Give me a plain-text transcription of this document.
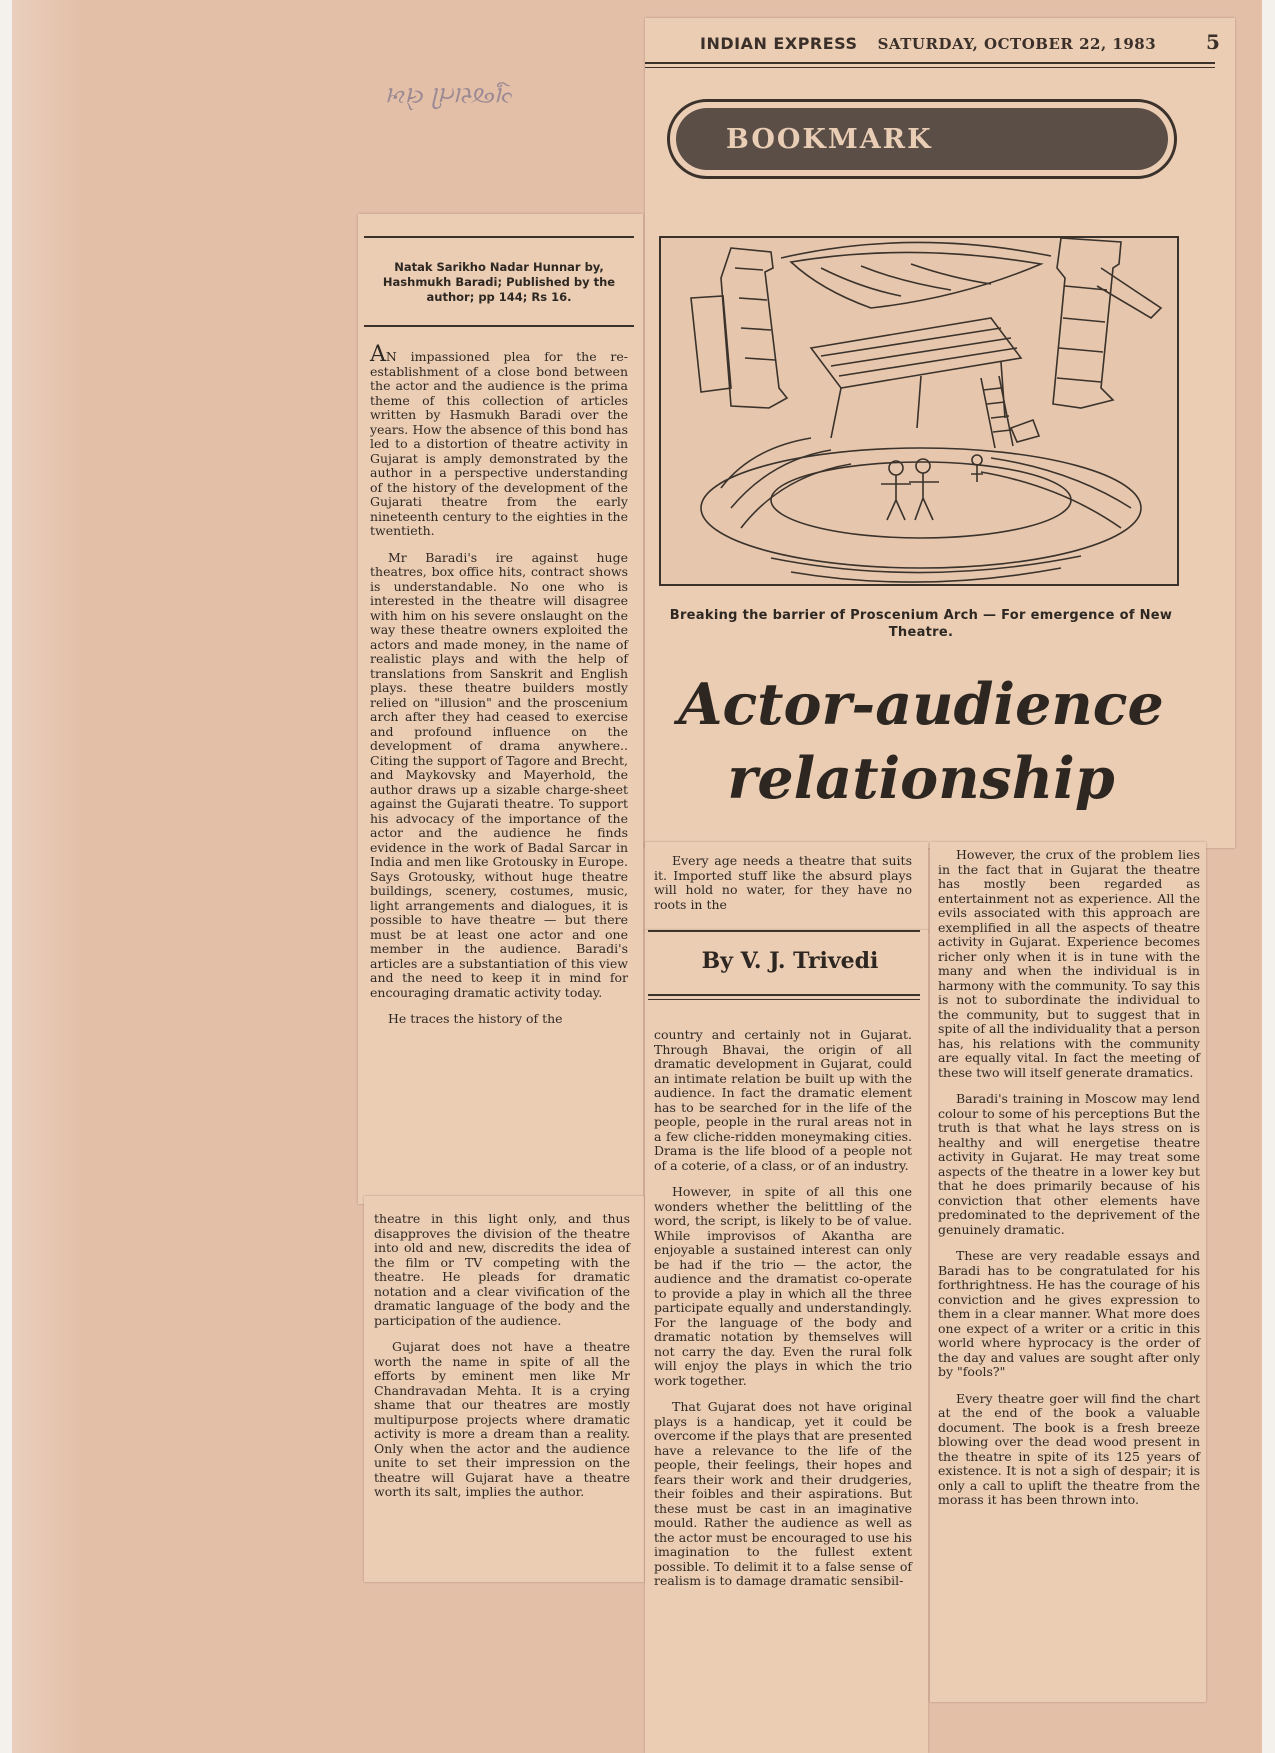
ગુજરાતી લેખ
INDIAN EXPRESS SATURDAY, OCTOBER 22, 1983 5
BOOKMARK
Breaking the barrier of Proscenium Arch — For emergence of New Theatre.
Actor-audience
relationship
Natak Sarikho Nadar Hunnar by, Hashmukh Baradi; Published by the author; pp 144; Rs 16.

AN impassioned plea for the re-establishment of a close bond between the actor and the audience is the prima theme of this collection of articles written by Hasmukh Baradi over the years. How the absence of this bond has led to a distortion of theatre activity in Gujarat is amply demonstrated by the author in a perspective understanding of the history of the development of the Gujarati theatre from the early nineteenth century to the eighties in the twentieth.

Mr Baradi's ire against huge theatres, box office hits, contract shows is understandable. No one who is interested in the theatre will disagree with him on his severe onslaught on the way these theatre owners exploited the actors and made money, in the name of realistic plays and with the help of translations from Sanskrit and English plays. these theatre builders mostly relied on "illusion" and the proscenium arch after they had ceased to exercise and profound influence on the development of drama anywhere.. Citing the support of Tagore and Brecht, and Maykovsky and Mayerhold, the author draws up a sizable charge-sheet against the Gujarati theatre. To support his advocacy of the importance of the actor and the audience he finds evidence in the work of Badal Sarcar in India and men like Grotousky in Europe. Says Grotousky, without huge theatre buildings, scenery, costumes, music, light arrangements and dialogues, it is possible to have theatre — but there must be at least one actor and one member in the audience. Baradi's articles are a substantiation of this view and the need to keep it in mind for encouraging dramatic activity today.

He traces the history of the

theatre in this light only, and thus disapproves the division of the theatre into old and new, discredits the idea of the film or TV competing with the theatre. He pleads for dramatic notation and a clear vivification of the dramatic language of the body and the participation of the audience.

Gujarat does not have a theatre worth the name in spite of all the efforts by eminent men like Mr Chandravadan Mehta. It is a crying shame that our theatres are mostly multipurpose projects where dramatic activity is more a dream than a reality. Only when the actor and the audience unite to set their impression on the theatre will Gujarat have a theatre worth its salt, implies the author.

Every age needs a theatre that suits it. Imported stuff like the absurd plays will hold no water, for they have no roots in the

By V. J. Trivedi

country and certainly not in Gujarat. Through Bhavai, the origin of all dramatic development in Gujarat, could an intimate relation be built up with the audience. In fact the dramatic element has to be searched for in the life of the people, people in the rural areas not in a few cliche-ridden moneymaking cities. Drama is the life blood of a people not of a coterie, of a class, or of an industry.

However, in spite of all this one wonders whether the belittling of the word, the script, is likely to be of value. While improvisos of Akantha are enjoyable a sustained interest can only be had if the trio — the actor, the audience and the dramatist co-operate to provide a play in which all the three participate equally and understandingly. For the language of the body and dramatic notation by themselves will not carry the day. Even the rural folk will enjoy the plays in which the trio work together.

That Gujarat does not have original plays is a handicap, yet it could be overcome if the plays that are presented have a relevance to the life of the people, their feelings, their hopes and fears their work and their drudgeries, their foibles and their aspirations. But these must be cast in an imaginative mould. Rather the audience as well as the actor must be encouraged to use his imagination to the fullest extent possible. To delimit it to a false sense of realism is to damage dramatic sensibil-

However, the crux of the problem lies in the fact that in Gujarat the theatre has mostly been regarded as entertainment not as experience. All the evils associated with this approach are exemplified in all the aspects of theatre activity in Gujarat. Experience becomes richer only when it is in tune with the many and when the individual is in harmony with the community. To say this is not to subordinate the individual to the community, but to suggest that in spite of all the individuality that a person has, his relations with the community are equally vital. In fact the meeting of these two will itself generate dramatics.

Baradi's training in Moscow may lend colour to some of his perceptions But the truth is that what he lays stress on is healthy and will energetise theatre activity in Gujarat. He may treat some aspects of the theatre in a lower key but that he does primarily because of his conviction that other elements have predominated to the deprivement of the genuinely dramatic.

These are very readable essays and Baradi has to be congratulated for his forthrightness. He has the courage of his conviction and he gives expression to them in a clear manner. What more does one expect of a writer or a critic in this world where hyprocacy is the order of the day and values are sought after only by "fools?"

Every theatre goer will find the chart at the end of the book a valuable document. The book is a fresh breeze blowing over the dead wood present in the theatre in spite of its 125 years of existence. It is not a sigh of despair; it is only a call to uplift the theatre from the morass it has been thrown into.
